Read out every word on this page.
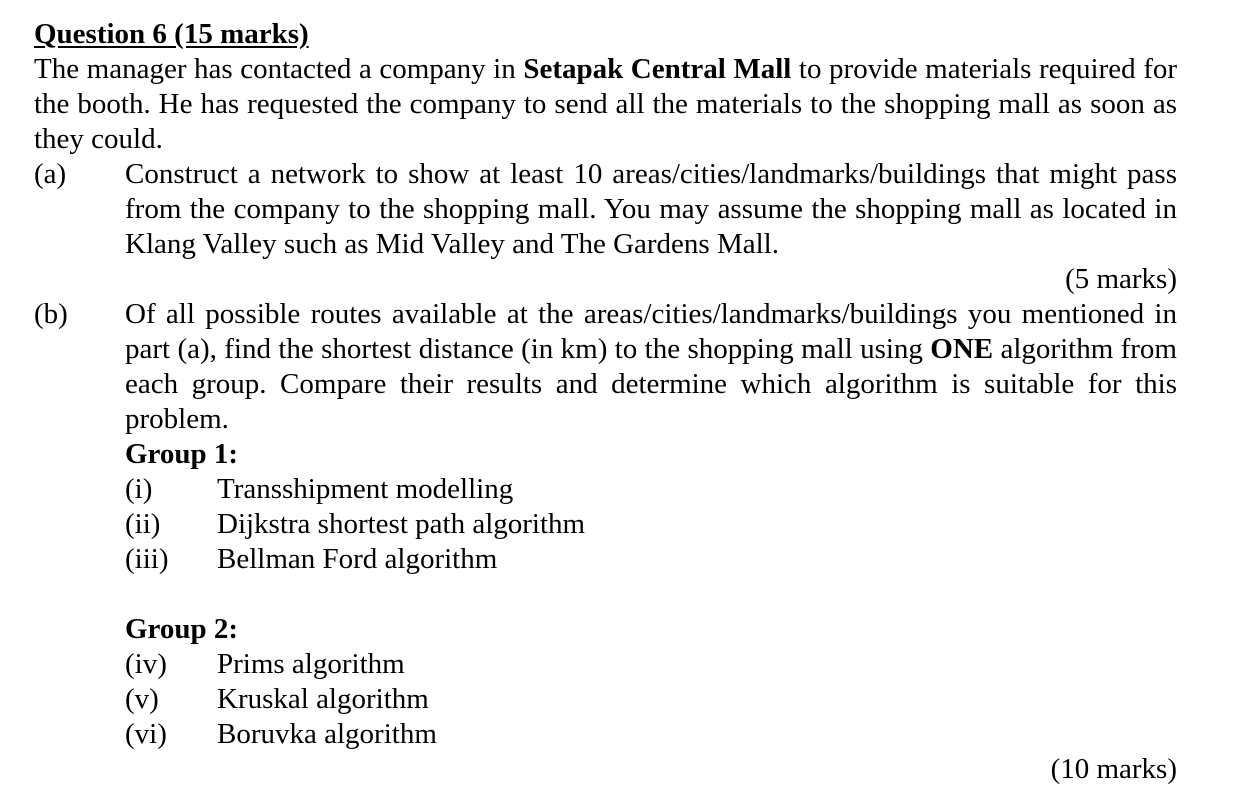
Question 6 (15 marks)

The manager has contacted a company in Setapak Central Mall to provide materials required for the booth. He has requested the company to send all the materials to the shopping mall as soon as they could.

(a)	Construct a network to show at least 10 areas/cities/landmarks/buildings that might pass from the company to the shopping mall. You may assume the shopping mall as located in Klang Valley such as Mid Valley and The Gardens Mall.

(5 marks)

(b)	Of all possible routes available at the areas/cities/landmarks/buildings you mentioned in part (a), find the shortest distance (in km) to the shopping mall using ONE algorithm from each group. Compare their results and determine which algorithm is suitable for this problem.

Group 1:

(i)	Transshipment modelling
(ii)	Dijkstra shortest path algorithm
(iii)	Bellman Ford algorithm

Group 2:

(iv)	Prims algorithm
(v)	Kruskal algorithm
(vi)	Boruvka algorithm

(10 marks)
